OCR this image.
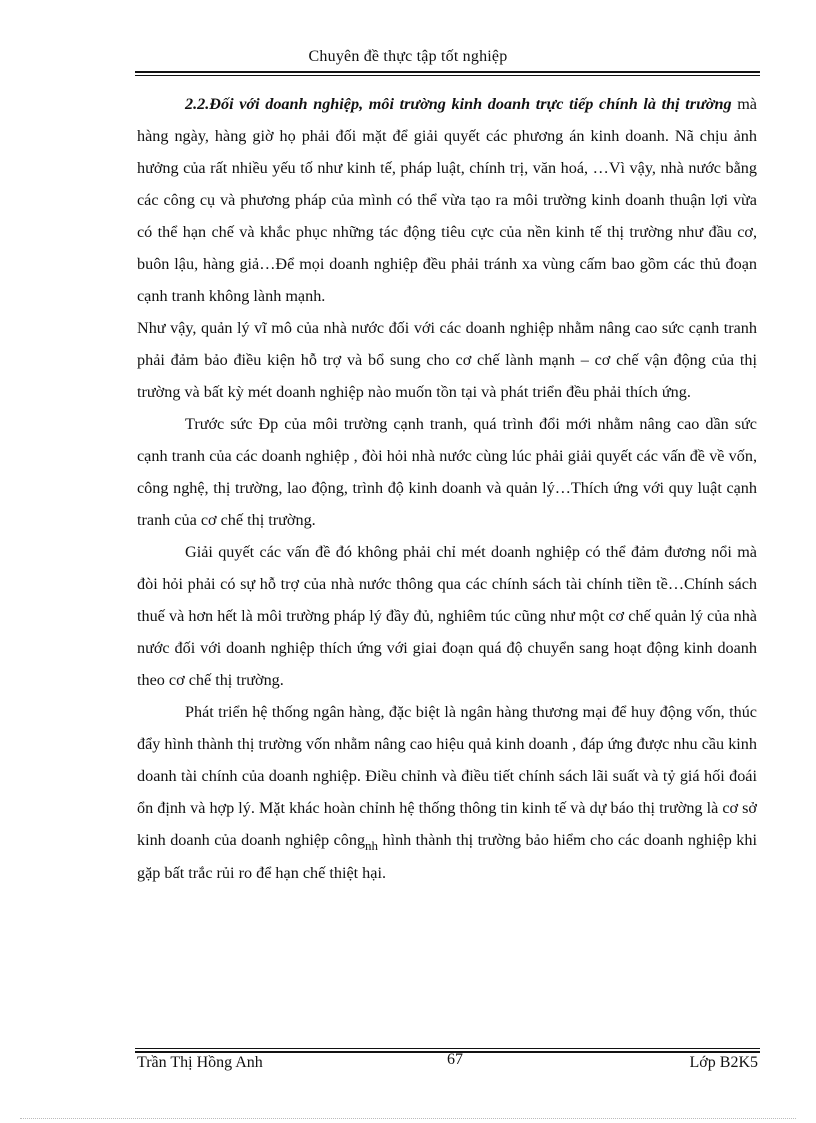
Chuyên đề thực tập tốt nghiệp

2.2.Đối với doanh nghiệp, môi trường kinh doanh trực tiếp chính là thị trường mà hàng ngày, hàng giờ họ phải đối mặt để giải quyết các phương án kinh doanh. Nã chịu ảnh hưởng của rất nhiều yếu tố như kinh tế, pháp luật, chính trị, văn hoá, …Vì vậy, nhà nước bằng các công cụ và phương pháp của mình có thể vừa tạo ra môi trường kinh doanh thuận lợi vừa có thể hạn chế và khắc phục những tác động tiêu cực của nền kinh tế thị trường như đầu cơ, buôn lậu, hàng giả…Để mọi doanh nghiệp đều phải tránh xa vùng cấm bao gồm các thủ đoạn cạnh tranh không lành mạnh.

Như vậy, quản lý vĩ mô của nhà nước đối với các doanh nghiệp nhằm nâng cao sức cạnh tranh phải đảm bảo điều kiện hỗ trợ và bổ sung cho cơ chế lành mạnh – cơ chế vận động của thị trường và bất kỳ mét doanh nghiệp nào muốn tồn tại và phát triển đều phải thích ứng.

Trước sức Đp của môi trường cạnh tranh, quá trình đổi mới nhằm nâng cao dần sức cạnh tranh của các doanh nghiệp , đòi hỏi nhà nước cùng lúc phải giải quyết các vấn đề về vốn, công nghệ, thị trường, lao động, trình độ kinh doanh và quản lý…Thích ứng với quy luật cạnh tranh của cơ chế thị trường.

Giải quyết các vấn đề đó không phải chỉ mét doanh nghiệp có thể đảm đương nổi mà đòi hỏi phải có sự hỗ trợ của nhà nước thông qua các chính sách tài chính tiền tề…Chính sách thuế và hơn hết là môi trường pháp lý đầy đủ, nghiêm túc cũng như một cơ chế quản lý của nhà nước đối với doanh nghiệp thích ứng với giai đoạn quá độ chuyển sang hoạt động kinh doanh theo cơ chế thị trường.

Phát triển hệ thống ngân hàng, đặc biệt là ngân hàng thương mại để huy động vốn, thúc đẩy hình thành thị trường vốn nhằm nâng cao hiệu quả kinh doanh , đáp ứng được nhu cầu kinh doanh tài chính của doanh nghiệp. Điều chỉnh và điều tiết chính sách lãi suất và tỷ giá hối đoái ổn định và hợp lý. Mặt khác hoàn chỉnh hệ thống thông tin kinh tế và dự báo thị trường là cơ sở kinh doanh của doanh nghiệp công$_{nh}$ hình thành thị trường bảo hiểm cho các doanh nghiệp khi gặp bất trắc rủi ro để hạn chế thiệt hại.

Trần Thị Hồng Anh	67	Lớp B2K5
